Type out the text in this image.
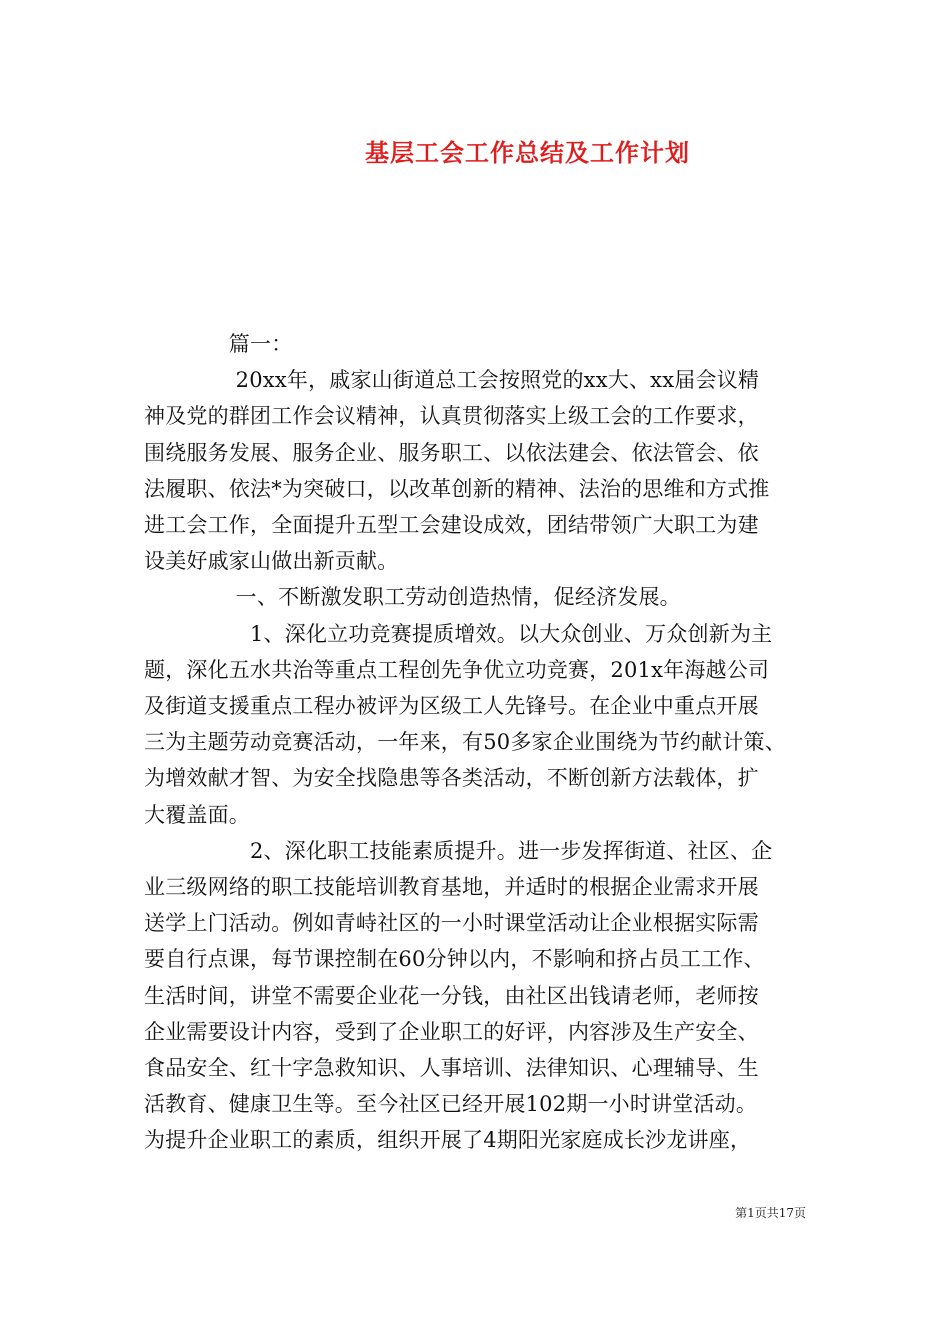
基层工会工作总结及工作计划

　　　　篇一：

　　　　 20xx年，戚家山街道总工会按照党的xx大、xx届会议精

神及党的群团工作会议精神，认真贯彻落实上级工会的工作要求，

围绕服务发展、服务企业、服务职工、以依法建会、依法管会、依

法履职、依法*为突破口，以改革创新的精神、法治的思维和方式推

进工会工作，全面提升五型工会建设成效，团结带领广大职工为建

设美好戚家山做出新贡献。

　　　　 一、不断激发职工劳动创造热情，促经济发展。

　　　　　1、深化立功竞赛提质增效。以大众创业、万众创新为主

题，深化五水共治等重点工程创先争优立功竞赛，201x年海越公司

及街道支援重点工程办被评为区级工人先锋号。在企业中重点开展

三为主题劳动竞赛活动，一年来，有50多家企业围绕为节约献计策、

为增效献才智、为安全找隐患等各类活动，不断创新方法载体，扩

大覆盖面。

　　　　　2、深化职工技能素质提升。进一步发挥街道、社区、企

业三级网络的职工技能培训教育基地，并适时的根据企业需求开展

送学上门活动。例如青峙社区的一小时课堂活动让企业根据实际需

要自行点课，每节课控制在60分钟以内，不影响和挤占员工工作、

生活时间，讲堂不需要企业花一分钱，由社区出钱请老师，老师按

企业需要设计内容，受到了企业职工的好评，内容涉及生产安全、

食品安全、红十字急救知识、人事培训、法律知识、心理辅导、生

活教育、健康卫生等。至今社区已经开展102期一小时讲堂活动。

为提升企业职工的素质，组织开展了4期阳光家庭成长沙龙讲座，

第1页共17页
